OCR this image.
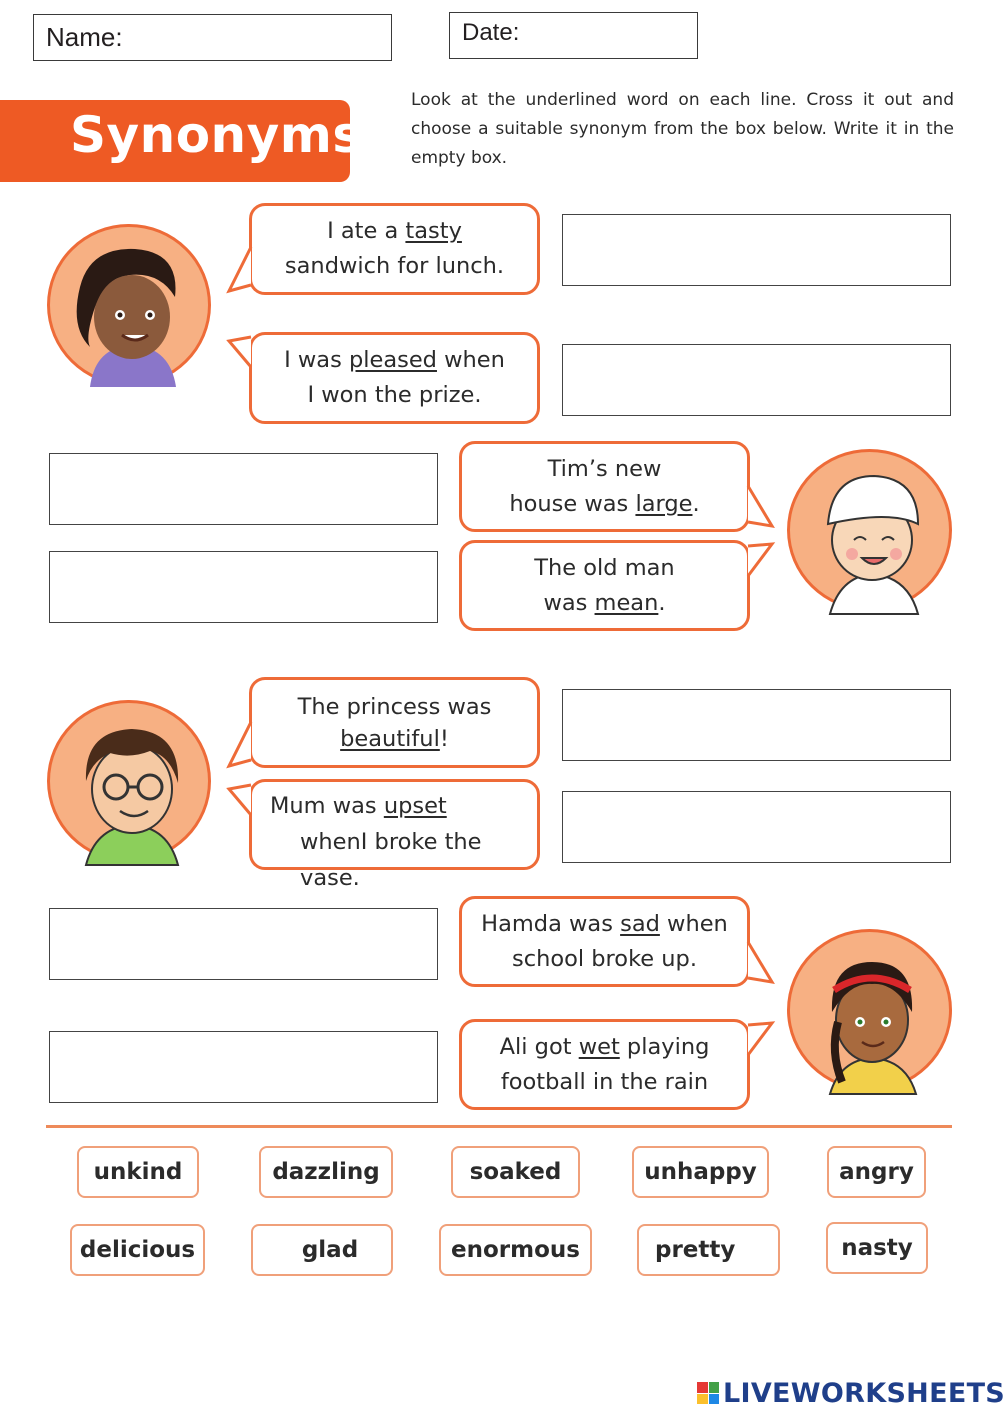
Name:	Date:
Synonyms
Look at the underlined word on each line. Cross it out and choose a suitable synonym from the box below. Write it in the empty box.
I ate a tasty
sandwich for lunch.
I was pleased when
I won the prize.
Tim’s new
house was large.
The old man
was mean.
The princess was
beautiful!
Mum was upset
whenI broke the
vase.
Hamda was sad when
school broke up.
Ali got wet playing
football in the rain
unkind	dazzling	soaked	unhappy	angry
delicious	glad	enormous	pretty	nasty
LIVEWORKSHEETS
